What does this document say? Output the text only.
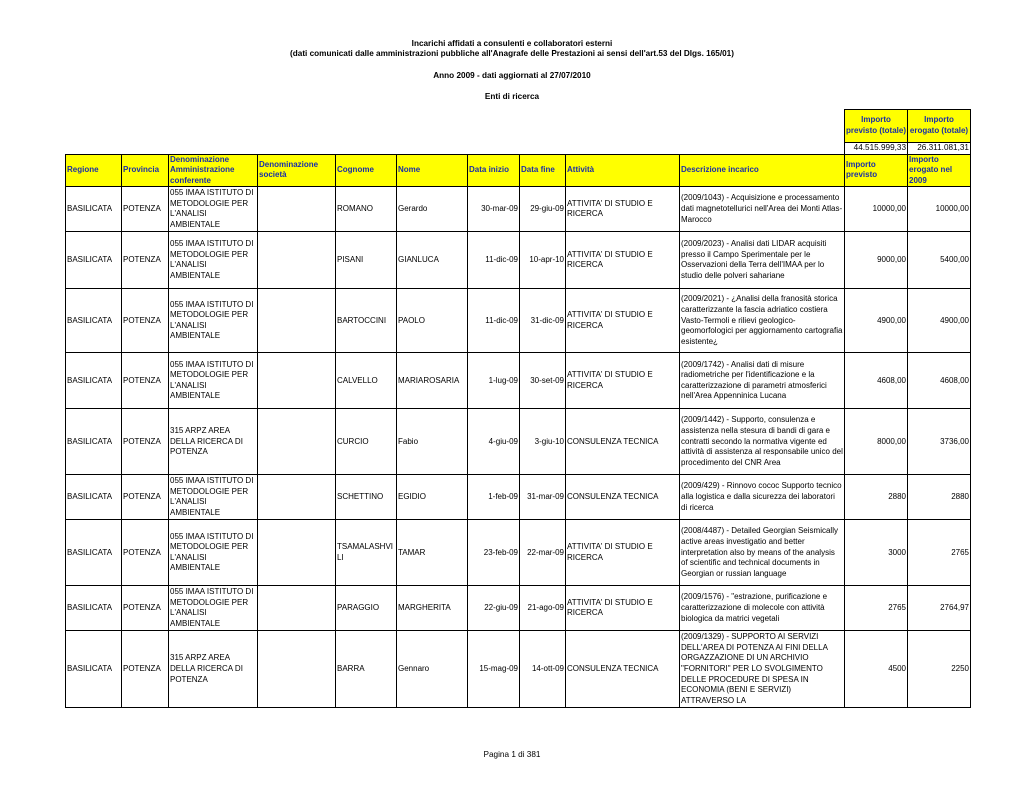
Incarichi affidati a consulenti e collaboratori esterni
(dati comunicati dalle amministrazioni pubbliche all'Anagrafe delle Prestazioni ai sensi dell'art.53 del Dlgs. 165/01)
Anno 2009 - dati aggiornati al 27/07/2010
Enti di ricerca
										Importo previsto (totale)	Importo erogato (totale)
										44.515.999,33	26.311.081,31
Regione	Provincia	Denominazione Amministrazione conferente	Denominazione società	Cognome	Nome	Data inizio	Data fine	Attività	Descrizione incarico	Importo previsto	Importo erogato nel 2009
BASILICATA	POTENZA	055 IMAA ISTITUTO DI METODOLOGIE PER L'ANALISI AMBIENTALE		ROMANO	Gerardo	30-mar-09	29-giu-09	ATTIVITA' DI STUDIO E RICERCA	(2009/1043) - Acquisizione e processamento dati magnetotellurici nell'Area dei Monti Atlas- Marocco	10000,00	10000,00
BASILICATA	POTENZA	055 IMAA ISTITUTO DI METODOLOGIE PER L'ANALISI AMBIENTALE		PISANI	GIANLUCA	11-dic-09	10-apr-10	ATTIVITA' DI STUDIO E RICERCA	(2009/2023) - Analisi dati LIDAR acquisiti presso il Campo Sperimentale per le Osservazioni della Terra dell'IMAA per lo studio delle polveri sahariane	9000,00	5400,00
BASILICATA	POTENZA	055 IMAA ISTITUTO DI METODOLOGIE PER L'ANALISI AMBIENTALE		BARTOCCINI	PAOLO	11-dic-09	31-dic-09	ATTIVITA' DI STUDIO E RICERCA	(2009/2021) - ¿Analisi della franosità storica caratterizzante la fascia adriatico costiera Vasto-Termoli e rilievi geologico-geomorfologici per aggiornamento cartografia esistente¿	4900,00	4900,00
BASILICATA	POTENZA	055 IMAA ISTITUTO DI METODOLOGIE PER L'ANALISI AMBIENTALE		CALVELLO	MARIAROSARIA	1-lug-09	30-set-09	ATTIVITA' DI STUDIO E RICERCA	(2009/1742) - Analisi dati di misure radiometriche per l'identificazione e la caratterizzazione di parametri atmosferici nell'Area Appenninica Lucana	4608,00	4608,00
BASILICATA	POTENZA	315 ARPZ AREA DELLA RICERCA DI POTENZA		CURCIO	Fabio	4-giu-09	3-giu-10	CONSULENZA TECNICA	(2009/1442) - Supporto, consulenza e assistenza nella stesura di bandi di gara e contratti secondo la normativa vigente ed attività di assistenza al responsabile unico del procedimento del CNR Area	8000,00	3736,00
BASILICATA	POTENZA	055 IMAA ISTITUTO DI METODOLOGIE PER L'ANALISI AMBIENTALE		SCHETTINO	EGIDIO	1-feb-09	31-mar-09	CONSULENZA TECNICA	(2009/429) - Rinnovo cococ Supporto tecnico alla logistica e dalla sicurezza dei laboratori di ricerca	2880	2880
BASILICATA	POTENZA	055 IMAA ISTITUTO DI METODOLOGIE PER L'ANALISI AMBIENTALE		TSAMALASHVILI	TAMAR	23-feb-09	22-mar-09	ATTIVITA' DI STUDIO E RICERCA	(2008/4487) - Detailed Georgian Seismically active areas investigatio and better interpretation also by means of the analysis of scientific and technical documents in Georgian or russian language	3000	2765
BASILICATA	POTENZA	055 IMAA ISTITUTO DI METODOLOGIE PER L'ANALISI AMBIENTALE		PARAGGIO	MARGHERITA	22-giu-09	21-ago-09	ATTIVITA' DI STUDIO E RICERCA	(2009/1576) - "estrazione, purificazione e caratterizzazione di molecole con attività biologica da matrici vegetali	2765	2764,97
BASILICATA	POTENZA	315 ARPZ AREA DELLA RICERCA DI POTENZA		BARRA	Gennaro	15-mag-09	14-ott-09	CONSULENZA TECNICA	(2009/1329) - SUPPORTO AI SERVIZI DELL'AREA DI POTENZA AI FINI DELLA ORGAZZAZIONE DI UN ARCHIVIO "FORNITORI" PER LO SVOLGIMENTO DELLE PROCEDURE DI SPESA IN ECONOMIA (BENI E SERVIZI) ATTRAVERSO LA	4500	2250
Pagina 1 di 381
